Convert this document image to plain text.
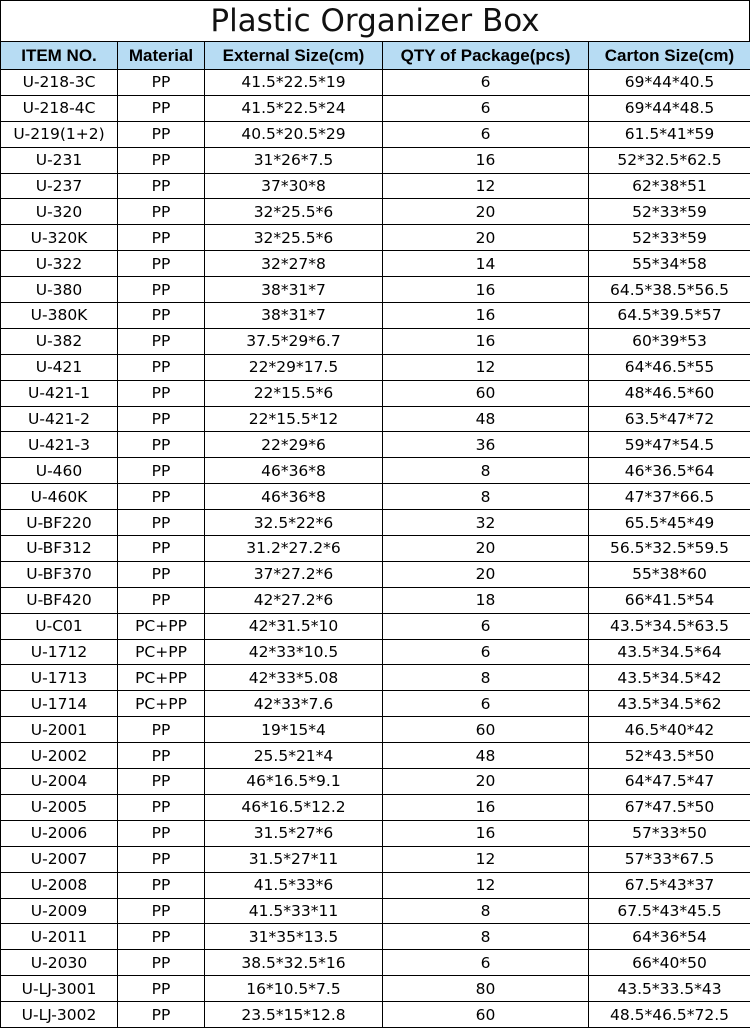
Plastic Organizer Box
ITEM NO.	Material	External Size(cm)	QTY of Package(pcs)	Carton Size(cm)
U-218-3C	PP	41.5*22.5*19	6	69*44*40.5
U-218-4C	PP	41.5*22.5*24	6	69*44*48.5
U-219(1+2)	PP	40.5*20.5*29	6	61.5*41*59
U-231	PP	31*26*7.5	16	52*32.5*62.5
U-237	PP	37*30*8	12	62*38*51
U-320	PP	32*25.5*6	20	52*33*59
U-320K	PP	32*25.5*6	20	52*33*59
U-322	PP	32*27*8	14	55*34*58
U-380	PP	38*31*7	16	64.5*38.5*56.5
U-380K	PP	38*31*7	16	64.5*39.5*57
U-382	PP	37.5*29*6.7	16	60*39*53
U-421	PP	22*29*17.5	12	64*46.5*55
U-421-1	PP	22*15.5*6	60	48*46.5*60
U-421-2	PP	22*15.5*12	48	63.5*47*72
U-421-3	PP	22*29*6	36	59*47*54.5
U-460	PP	46*36*8	8	46*36.5*64
U-460K	PP	46*36*8	8	47*37*66.5
U-BF220	PP	32.5*22*6	32	65.5*45*49
U-BF312	PP	31.2*27.2*6	20	56.5*32.5*59.5
U-BF370	PP	37*27.2*6	20	55*38*60
U-BF420	PP	42*27.2*6	18	66*41.5*54
U-C01	PC+PP	42*31.5*10	6	43.5*34.5*63.5
U-1712	PC+PP	42*33*10.5	6	43.5*34.5*64
U-1713	PC+PP	42*33*5.08	8	43.5*34.5*42
U-1714	PC+PP	42*33*7.6	6	43.5*34.5*62
U-2001	PP	19*15*4	60	46.5*40*42
U-2002	PP	25.5*21*4	48	52*43.5*50
U-2004	PP	46*16.5*9.1	20	64*47.5*47
U-2005	PP	46*16.5*12.2	16	67*47.5*50
U-2006	PP	31.5*27*6	16	57*33*50
U-2007	PP	31.5*27*11	12	57*33*67.5
U-2008	PP	41.5*33*6	12	67.5*43*37
U-2009	PP	41.5*33*11	8	67.5*43*45.5
U-2011	PP	31*35*13.5	8	64*36*54
U-2030	PP	38.5*32.5*16	6	66*40*50
U-LJ-3001	PP	16*10.5*7.5	80	43.5*33.5*43
U-LJ-3002	PP	23.5*15*12.8	60	48.5*46.5*72.5
